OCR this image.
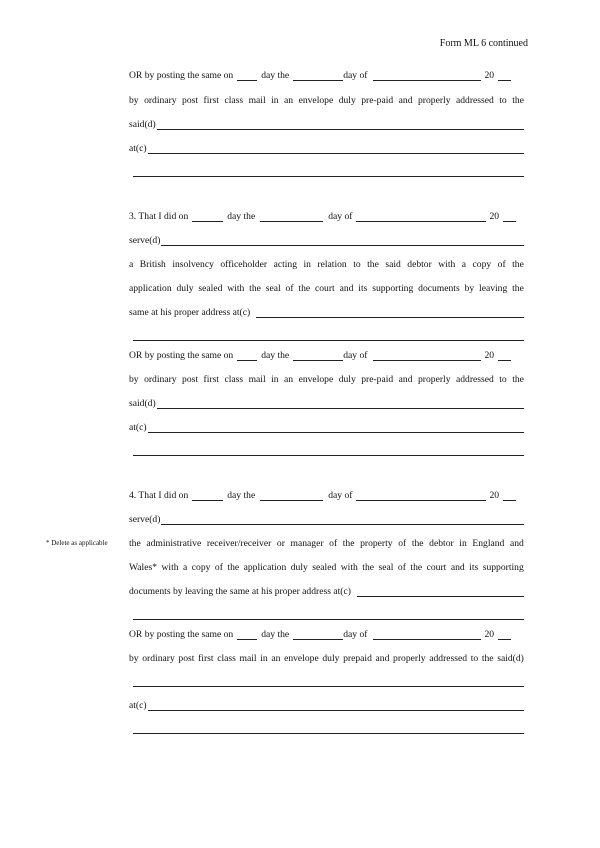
Form ML 6 continued
OR by posting the same on	day the	day of	20
by ordinary post first class mail in an envelope duly pre-paid and properly addressed to the
said(d)
at(c)
3. That I did on	day the	day of	20
serve(d)
a British insolvency officeholder acting in relation to the said debtor with a copy of the
application duly sealed with the seal of the court and its supporting documents by leaving the
same at his proper address at(c)
OR by posting the same on	day the	day of	20
by ordinary post first class mail in an envelope duly pre-paid and properly addressed to the
said(d)
at(c)
4. That I did on	day the	day of	20
serve(d)
* Delete as applicable the administrative receiver/receiver or manager of the property of the debtor in England and
Wales* with a copy of the application duly sealed with the seal of the court and its supporting
documents by leaving the same at his proper address at(c)
OR by posting the same on	day the	day of	20
by ordinary post first class mail in an envelope duly prepaid and properly addressed to the said(d)
at(c)
